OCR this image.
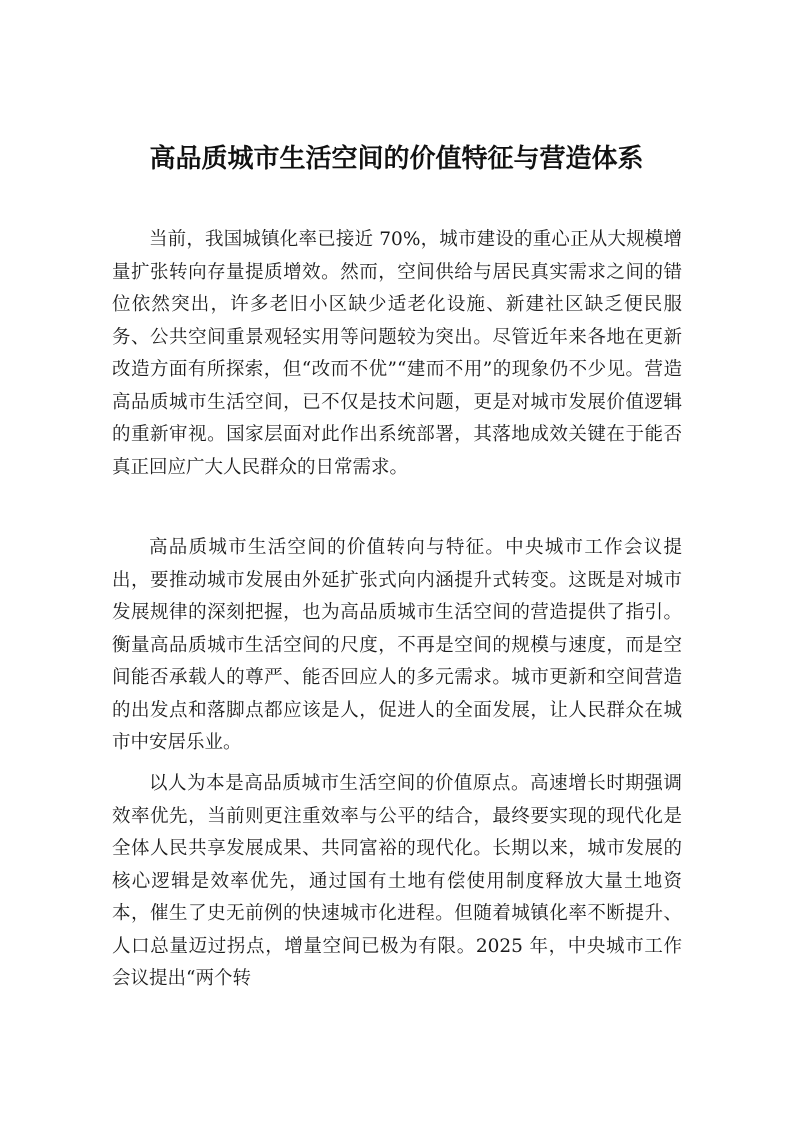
高品质城市生活空间的价值特征与营造体系

当前，我国城镇化率已接近 70%，城市建设的重心正从大规模增量扩张转向存量提质增效。然而，空间供给与居民真实需求之间的错位依然突出，许多老旧小区缺少适老化设施、新建社区缺乏便民服务、公共空间重景观轻实用等问题较为突出。尽管近年来各地在更新改造方面有所探索，但“改而不优”“建而不用”的现象仍不少见。营造高品质城市生活空间，已不仅是技术问题，更是对城市发展价值逻辑的重新审视。国家层面对此作出系统部署，其落地成效关键在于能否真正回应广大人民群众的日常需求。

高品质城市生活空间的价值转向与特征。中央城市工作会议提出，要推动城市发展由外延扩张式向内涵提升式转变。这既是对城市发展规律的深刻把握，也为高品质城市生活空间的营造提供了指引。衡量高品质城市生活空间的尺度，不再是空间的规模与速度，而是空间能否承载人的尊严、能否回应人的多元需求。城市更新和空间营造的出发点和落脚点都应该是人，促进人的全面发展，让人民群众在城市中安居乐业。

以人为本是高品质城市生活空间的价值原点。高速增长时期强调效率优先，当前则更注重效率与公平的结合，最终要实现的现代化是全体人民共享发展成果、共同富裕的现代化。长期以来，城市发展的核心逻辑是效率优先，通过国有土地有偿使用制度释放大量土地资本，催生了史无前例的快速城市化进程。但随着城镇化率不断提升、人口总量迈过拐点，增量空间已极为有限。2025 年，中央城市工作会议提出“两个转
